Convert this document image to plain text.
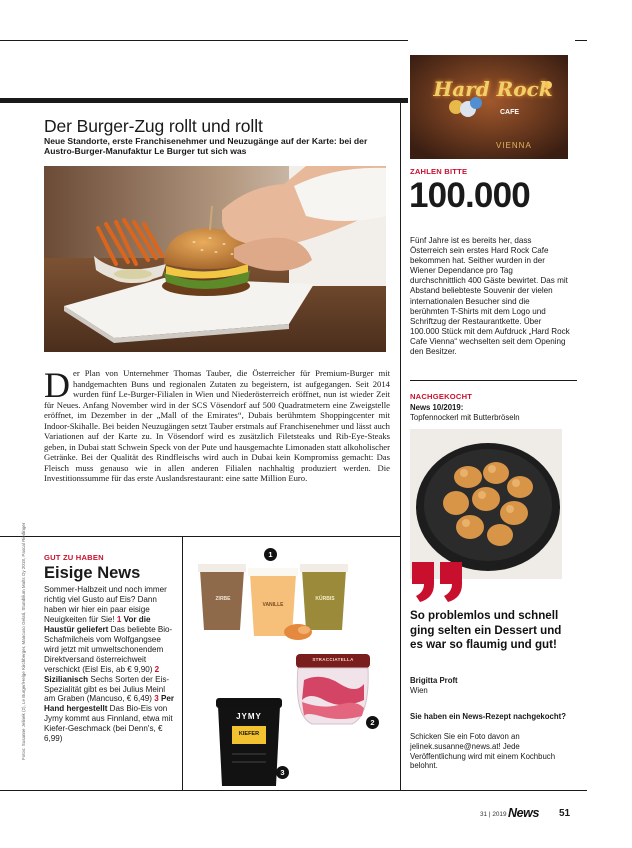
Der Burger-Zug rollt und rollt

Neue Standorte, erste Franchisenehmer und Neuzugänge auf der Karte: bei der Austro-Burger-Manufaktur Le Burger tut sich was

Der Plan von Unternehmer Thomas Tauber, die Österreicher für Premium-Burger mit handgemachten Buns und regionalen Zutaten zu begeistern, ist aufgegangen. Seit 2014 wurden fünf Le-Burger-Filialen in Wien und Niederösterreich eröffnet, nun ist wieder Zeit für Neues. Anfang November wird in der SCS Vösendorf auf 500 Quadratmetern eine Zweigstelle eröffnet, im Dezember in der „Mall of the Emirates“, Dubais berühmtem Shoppingcenter mit Indoor-Skihalle. Bei beiden Neuzugängen setzt Tauber erstmals auf Franchisenehmer und lässt auch Variationen auf der Karte zu. In Vösendorf wird es zusätzlich Filetsteaks und Rib-Eye-Steaks geben, in Dubai statt Schwein Speck von der Pute und hausgemachte Limonaden statt alkoholischer Getränke. Bei der Qualität des Rindfleischs wird auch in Dubai kein Kompromiss gemacht: Das Fleisch muss genauso wie in allen anderen Filialen nachhaltig produziert werden. Die Investitionssumme für das erste Auslandsrestaurant: eine satte Million Euro.
Fotos: Susanne Jelinek (2), Le Burger/Helge Kirchberger, Mancuso Gelati, Stumbilum Malts Oy 2018, Pascal Riedinger GUT ZU HABEN
Eisige News
Sommer-Halbzeit und noch immer richtig viel Gusto auf Eis? Dann haben wir hier ein paar eisige Neuigkeiten für Sie! 1 Vor die Haustür geliefert Das beliebte Bio-Schafmilcheis vom Wolfgangsee wird jetzt mit umweltschonendem Direktversand österreichweit verschickt (Eisl Eis, ab € 9,90) 2 Sizilianisch Sechs Sorten der Eis-Spezialität gibt es bei Julius Meinl am Graben (Mancuso, € 6,49) 3 Per Hand hergestellt Das Bio-Eis von Jymy kommt aus Finnland, etwa mit Kiefer-Geschmack (bei Denn's, € 6,99)
ZIRBE
VANILLE
KÜRBIS
STRACCIATELLA
JYMY
KIEFER
1
2
3
Hard Rock
CAFE
VIENNA
ZAHLEN BITTE
100.000

Fünf Jahre ist es bereits her, dass Österreich sein erstes Hard Rock Cafe bekommen hat. Seither wurden in der Wiener Dependance pro Tag durchschnittlich 400 Gäste bewirtet. Das mit Abstand beliebteste Souvenir der vielen internationalen Besucher sind die berühmten T-Shirts mit dem Logo und Schriftzug der Restaurantkette. Über 100.000 Stück mit dem Aufdruck „Hard Rock Cafe Vienna“ wechselten seit dem Opening den Besitzer.

NACHGEKOCHT
News 10/2019:
Topfennockerl mit Butterbröseln

So problemlos und schnell ging selten ein Dessert und es war so flaumig und gut!

Brigitta Proft
Wien

Sie haben ein News-Rezept nachgekocht?

Schicken Sie ein Foto davon an jelinek.susanne@news.at! Jede Veröffentlichung wird mit einem Kochbuch belohnt.

31 | 2019 News 51
